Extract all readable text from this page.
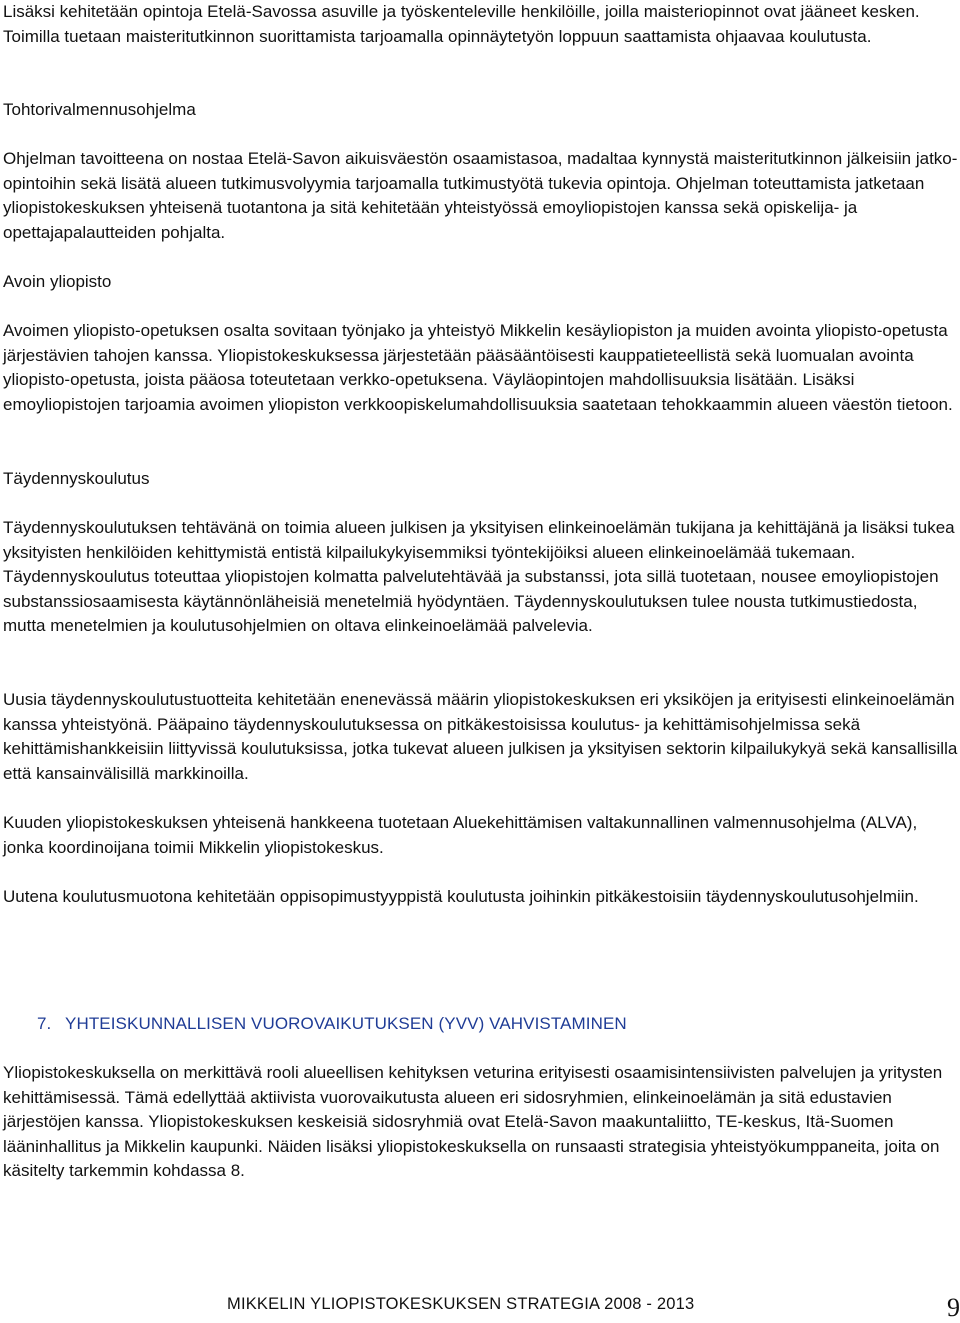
Lisäksi kehitetään opintoja Etelä-Savossa asuville ja työskenteleville henkilöille, joilla maisteriopinnot ovat jääneet kesken. Toimilla tuetaan maisteritutkinnon suorittamista tarjoamalla opinnäytetyön loppuun saattamista ohjaavaa koulutusta.

Tohtorivalmennusohjelma

Ohjelman tavoitteena on nostaa Etelä-Savon aikuisväestön osaamistasoa, madaltaa kynnystä maisteritutkinnon jälkeisiin jatko-opintoihin sekä lisätä alueen tutkimusvolyymia tarjoamalla tutkimustyötä tukevia opintoja. Ohjelman toteuttamista jatketaan yliopistokeskuksen yhteisenä tuotantona ja sitä kehitetään yhteistyössä emoyliopistojen kanssa sekä opiskelija- ja opettajapalautteiden pohjalta.

Avoin yliopisto

Avoimen yliopisto-opetuksen osalta sovitaan työnjako ja yhteistyö Mikkelin kesäyliopiston ja muiden avointa yliopisto-opetusta järjestävien tahojen kanssa. Yliopistokeskuksessa järjestetään pääsääntöisesti kauppatieteellistä sekä luomualan avointa yliopisto-opetusta, joista pääosa toteutetaan verkko-opetuksena. Väyläopintojen mahdollisuuksia lisätään. Lisäksi emoyliopistojen tarjoamia avoimen yliopiston verkkoopiskelumahdollisuuksia saatetaan tehokkaammin alueen väestön tietoon.

Täydennyskoulutus

Täydennyskoulutuksen tehtävänä on toimia alueen julkisen ja yksityisen elinkeinoelämän tukijana ja kehittäjänä ja lisäksi tukea yksityisten henkilöiden kehittymistä entistä kilpailukykyisemmiksi työntekijöiksi alueen elinkeinoelämää tukemaan. Täydennyskoulutus toteuttaa yliopistojen kolmatta palvelutehtävää ja substanssi, jota sillä tuotetaan, nousee emoyliopistojen substanssiosaamisesta käytännönläheisiä menetelmiä hyödyntäen. Täydennyskoulutuksen tulee nousta tutkimustiedosta, mutta menetelmien ja koulutusohjelmien on oltava elinkeinoelämää palvelevia.

Uusia täydennyskoulutustuotteita kehitetään enenevässä määrin yliopistokeskuksen eri yksiköjen ja erityisesti elinkeinoelämän kanssa yhteistyönä. Pääpaino täydennyskoulutuksessa on pitkäkestoisissa koulutus- ja kehittämisohjelmissa sekä kehittämishankkeisiin liittyvissä koulutuksissa, jotka tukevat alueen julkisen ja yksityisen sektorin kilpailukykyä sekä kansallisilla että kansainvälisillä markkinoilla.

Kuuden yliopistokeskuksen yhteisenä hankkeena tuotetaan Aluekehittämisen valtakunnallinen valmennusohjelma (ALVA), jonka koordinoijana toimii Mikkelin yliopistokeskus.

Uutena koulutusmuotona kehitetään oppisopimustyyppistä koulutusta joihinkin pitkäkestoisiin täydennyskoulutusohjelmiin.

7. YHTEISKUNNALLISEN VUOROVAIKUTUKSEN (YVV) VAHVISTAMINEN

Yliopistokeskuksella on merkittävä rooli alueellisen kehityksen veturina erityisesti osaamisintensiivisten palvelujen ja yritysten kehittämisessä. Tämä edellyttää aktiivista vuorovaikutusta alueen eri sidosryhmien, elinkeinoelämän ja sitä edustavien järjestöjen kanssa. Yliopistokeskuksen keskeisiä sidosryhmiä ovat Etelä-Savon maakuntaliitto, TE-keskus, Itä-Suomen lääninhallitus ja Mikkelin kaupunki. Näiden lisäksi yliopistokeskuksella on runsaasti strategisia yhteistyökumppaneita, joita on käsitelty tarkemmin kohdassa 8.

MIKKELIN YLIOPISTOKESKUKSEN STRATEGIA 2008 - 2013	9
